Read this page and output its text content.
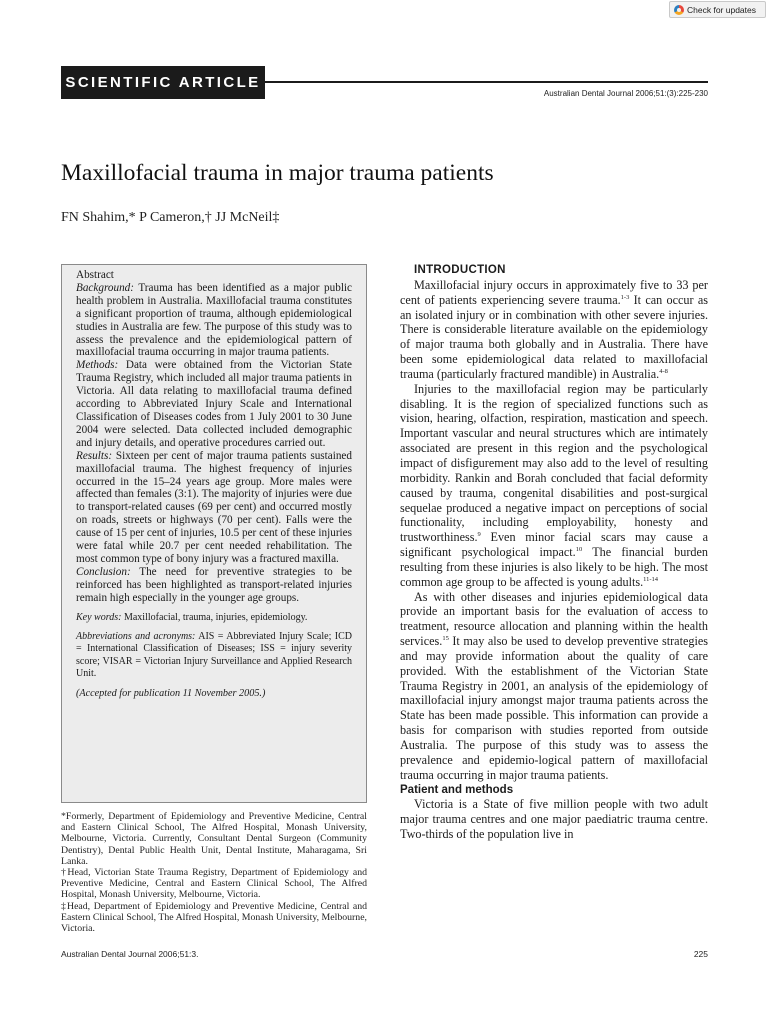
Check for updates
SCIENTIFIC ARTICLE
Australian Dental Journal 2006;51:(3):225-230
Maxillofacial trauma in major trauma patients
FN Shahim,* P Cameron,† JJ McNeil‡

Abstract

Background: Trauma has been identified as a major public health problem in Australia. Maxillofacial trauma constitutes a significant proportion of trauma, although epidemiological studies in Australia are few. The purpose of this study was to assess the prevalence and the epidemiological pattern of maxillofacial trauma occurring in major trauma patients.

Methods: Data were obtained from the Victorian State Trauma Registry, which included all major trauma patients in Victoria. All data relating to maxillofacial trauma defined according to Abbreviated Injury Scale and International Classification of Diseases codes from 1 July 2001 to 30 June 2004 were selected. Data collected included demographic and injury details, and operative procedures carried out.

Results: Sixteen per cent of major trauma patients sustained maxillofacial trauma. The highest frequency of injuries occurred in the 15–24 years age group. More males were affected than females (3:1). The majority of injuries were due to transport-related causes (69 per cent) and occurred mostly on roads, streets or highways (70 per cent). Falls were the cause of 15 per cent of injuries, 10.5 per cent of these injuries were fatal while 20.7 per cent needed rehabilitation. The most common type of bony injury was a fractured maxilla.

Conclusion: The need for preventive strategies to be reinforced has been highlighted as transport-related injuries remain high especially in the younger age groups.

Key words: Maxillofacial, trauma, injuries, epidemiology.

Abbreviations and acronyms: AIS = Abbreviated Injury Scale; ICD = International Classification of Diseases; ISS = injury severity score; VISAR = Victorian Injury Surveillance and Applied Research Unit.

(Accepted for publication 11 November 2005.)

*Formerly, Department of Epidemiology and Preventive Medicine, Central and Eastern Clinical School, The Alfred Hospital, Monash University, Melbourne, Victoria. Currently, Consultant Dental Surgeon (Community Dentistry), Dental Public Health Unit, Dental Institute, Maharagama, Sri Lanka.

†Head, Victorian State Trauma Registry, Department of Epidemiology and Preventive Medicine, Central and Eastern Clinical School, The Alfred Hospital, Monash University, Melbourne, Victoria.

‡Head, Department of Epidemiology and Preventive Medicine, Central and Eastern Clinical School, The Alfred Hospital, Monash University, Melbourne, Victoria.

INTRODUCTION

Maxillofacial injury occurs in approximately five to 33 per cent of patients experiencing severe trauma.$^{1-3}$ It can occur as an isolated injury or in combination with other severe injuries. There is considerable literature available on the epidemiology of major trauma both globally and in Australia. There have been some epidemiological data related to maxillofacial trauma (particularly fractured mandible) in Australia.$^{4-8}$

Injuries to the maxillofacial region may be particularly disabling. It is the region of specialized functions such as vision, hearing, olfaction, respiration, mastication and speech. Important vascular and neural structures which are intimately associated are present in this region and the psychological impact of disfigurement may also add to the level of resulting morbidity. Rankin and Borah concluded that facial deformity caused by trauma, congenital disabilities and post-surgical sequelae produced a negative impact on perceptions of social functionality, including employability, honesty and trustworthiness.$^9$ Even minor facial scars may cause a significant psychological impact.$^{10}$ The financial burden resulting from these injuries is also likely to be high. The most common age group to be affected is young adults.$^{11-14}$

As with other diseases and injuries epidemiological data provide an important basis for the evaluation of access to treatment, resource allocation and planning within the health services.$^{15}$ It may also be used to develop preventive strategies and may provide information about the quality of care provided. With the establishment of the Victorian State Trauma Registry in 2001, an analysis of the epidemiology of maxillofacial injury amongst major trauma patients across the State has been made possible. This information can provide a basis for comparison with studies reported from outside Australia. The purpose of this study was to assess the prevalence and epidemio-logical pattern of maxillofacial trauma occurring in major trauma patients.

Patient and methods

Victoria is a State of five million people with two adult major trauma centres and one major paediatric trauma centre. Two-thirds of the population live in

Australian Dental Journal 2006;51:3.	225
